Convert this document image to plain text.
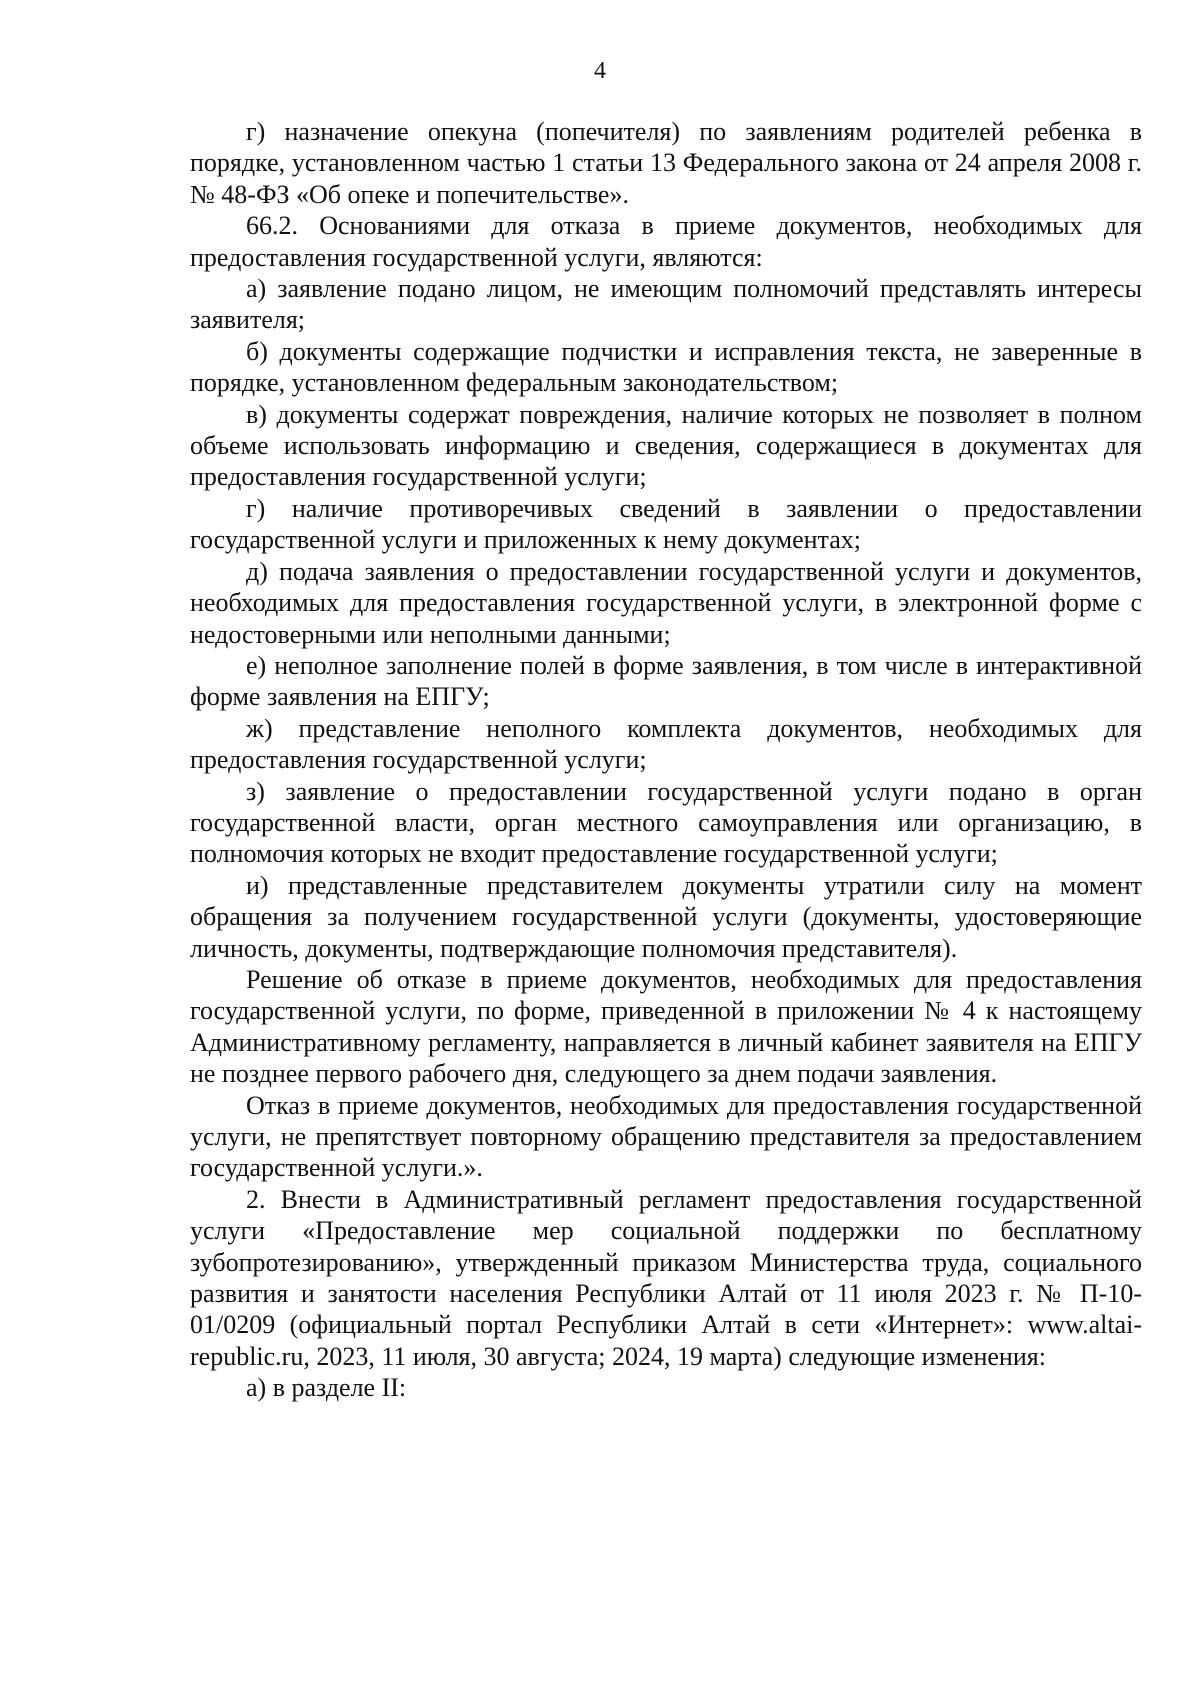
4

г) назначение опекуна (попечителя) по заявлениям родителей ребенка в порядке, установленном частью 1 статьи 13 Федерального закона от 24 апреля 2008 г. № 48-ФЗ «Об опеке и попечительстве».

66.2. Основаниями для отказа в приеме документов, необходимых для предоставления государственной услуги, являются:

а) заявление подано лицом, не имеющим полномочий представлять интересы заявителя;

б) документы содержащие подчистки и исправления текста, не заверенные в порядке, установленном федеральным законодательством;

в) документы содержат повреждения, наличие которых не позволяет в полном объеме использовать информацию и сведения, содержащиеся в документах для предоставления государственной услуги;

г) наличие противоречивых сведений в заявлении о предоставлении государственной услуги и приложенных к нему документах;

д) подача заявления о предоставлении государственной услуги и документов, необходимых для предоставления государственной услуги, в электронной форме с недостоверными или неполными данными;

е) неполное заполнение полей в форме заявления, в том числе в интерактивной форме заявления на ЕПГУ;

ж) представление неполного комплекта документов, необходимых для предоставления государственной услуги;

з) заявление о предоставлении государственной услуги подано в орган государственной власти, орган местного самоуправления или организацию, в полномочия которых не входит предоставление государственной услуги;

и) представленные представителем документы утратили силу на момент обращения за получением государственной услуги (документы, удостоверяющие личность, документы, подтверждающие полномочия представителя).

Решение об отказе в приеме документов, необходимых для предоставления государственной услуги, по форме, приведенной в приложении № 4 к настоящему Административному регламенту, направляется в личный кабинет заявителя на ЕПГУ не позднее первого рабочего дня, следующего за днем подачи заявления.

Отказ в приеме документов, необходимых для предоставления государственной услуги, не препятствует повторному обращению представителя за предоставлением государственной услуги.».

2. Внести в Административный регламент предоставления государственной услуги «Предоставление мер социальной поддержки по бесплатному зубопротезированию», утвержденный приказом Министерства труда, социального развития и занятости населения Республики Алтай от 11 июля 2023 г. № П-10-01/0209 (официальный портал Республики Алтай в сети «Интернет»: www.altai-republic.ru, 2023, 11 июля, 30 августа; 2024, 19 марта) следующие изменения:

а) в разделе II:
